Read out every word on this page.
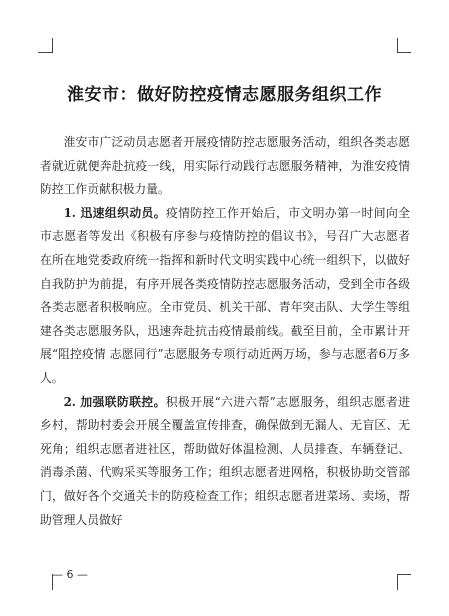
淮安市：做好防控疫情志愿服务组织工作

淮安市广泛动员志愿者开展疫情防控志愿服务活动，组织各类志愿者就近就便奔赴抗疫一线，用实际行动践行志愿服务精神，为淮安疫情防控工作贡献积极力量。

1. 迅速组织动员。疫情防控工作开始后，市文明办第一时间向全市志愿者等发出《积极有序参与疫情防控的倡议书》，号召广大志愿者在所在地党委政府统一指挥和新时代文明实践中心统一组织下，以做好自我防护为前提，有序开展各类疫情防控志愿服务活动，受到全市各级各类志愿者积极响应。全市党员、机关干部、青年突击队、大学生等组建各类志愿服务队，迅速奔赴抗击疫情最前线。截至目前，全市累计开展“阻控疫情 志愿同行”志愿服务专项行动近两万场，参与志愿者6万多人。

2. 加强联防联控。积极开展“六进六帮”志愿服务，组织志愿者进乡村，帮助村委会开展全覆盖宣传排查，确保做到无漏人、无盲区、无死角；组织志愿者进社区，帮助做好体温检测、人员排查、车辆登记、消毒杀菌、代购采买等服务工作；组织志愿者进网格，积极协助交管部门，做好各个交通关卡的防疫检查工作；组织志愿者进菜场、卖场，帮助管理人员做好

— 6 —
